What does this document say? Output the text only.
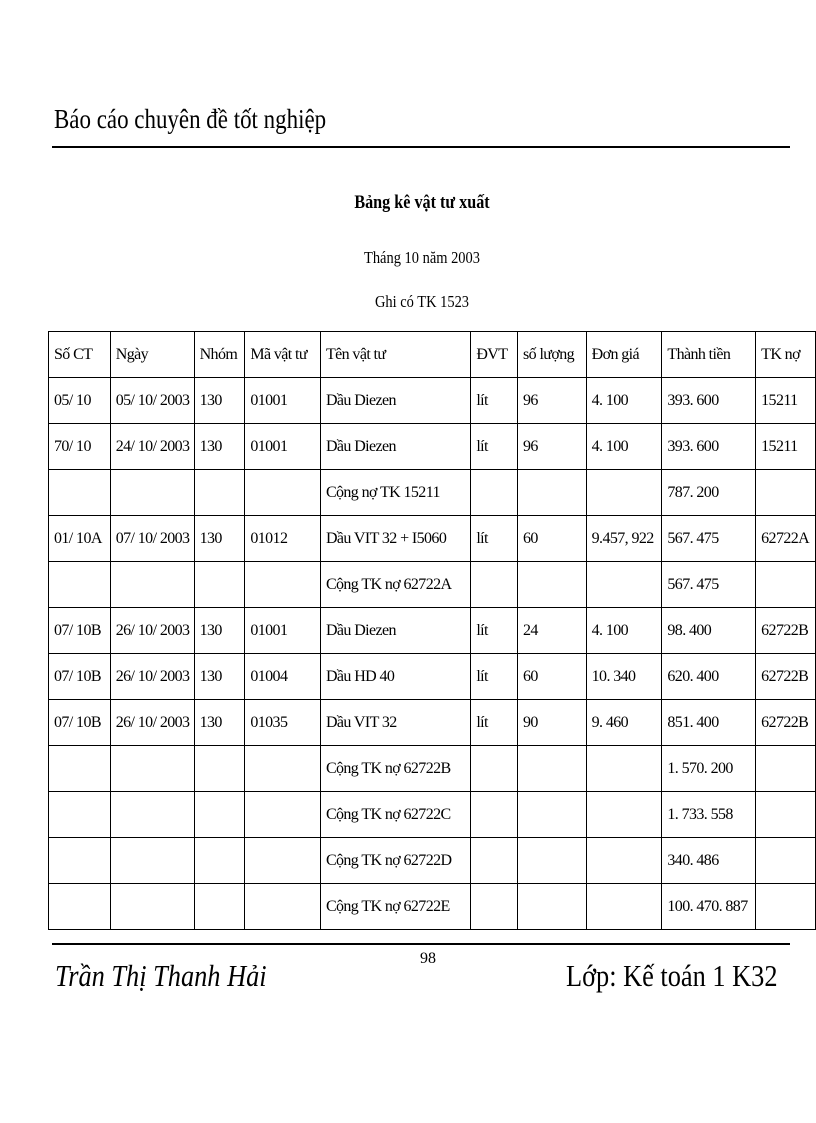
Báo cáo chuyên đề tốt nghiệp
Bảng kê vật tư xuất
Tháng 10 năm 2003
Ghi có TK 1523
Số CT	Ngày	Nhóm	Mã vật tư	Tên vật tư	ĐVT	số lượng	Đơn giá	Thành tiền	TK nợ
05/ 10	05/ 10/ 2003	130	01001	Dầu Diezen	lít	96	4. 100	393. 600	15211
70/ 10	24/ 10/ 2003	130	01001	Dầu Diezen	lít	96	4. 100	393. 600	15211
				Cộng nợ TK 15211				787. 200	
01/ 10A	07/ 10/ 2003	130	01012	Dầu VIT 32 + I5060	lít	60	9.457, 922	567. 475	62722A
				Cộng TK nợ 62722A				567. 475	
07/ 10B	26/ 10/ 2003	130	01001	Dầu Diezen	lít	24	4. 100	98. 400	62722B
07/ 10B	26/ 10/ 2003	130	01004	Dầu HD 40	lít	60	10. 340	620. 400	62722B
07/ 10B	26/ 10/ 2003	130	01035	Dầu VIT 32	lít	90	9. 460	851. 400	62722B
				Cộng TK nợ 62722B				1. 570. 200	
				Cộng TK nợ 62722C				1. 733. 558	
				Cộng TK nợ 62722D				340. 486	
				Cộng TK nợ 62722E				100. 470. 887	
Trần Thị Thanh Hải	98	Lớp: Kế toán 1 K32
